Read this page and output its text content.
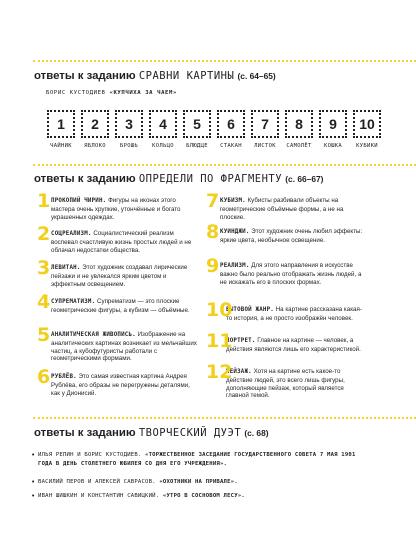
ответы к заданию СРАВНИ КАРТИНЫ (с. 64–65)
БОРИС КУСТОДИЕВ «КУПЧИХА ЗА ЧАЕМ»
1
ЧАЙНИК
2
ЯБЛОКО
3
БРОШЬ
4
КОЛЬЦО
5
БЛЮДЦЕ
6
СТАКАН
7
ЛИСТОК
8
САМОЛЁТ
9
КОШКА
10
КУБИКИ
ответы к заданию ОПРЕДЕЛИ ПО ФРАГМЕНТУ (с. 66–67)
1 ПРОКОПИЙ ЧИРИН. Фигуры на иконах этого мастера очень хрупкие, утончённые и богато украшенных одеждах.
2 СОЦРЕАЛИЗМ. Социалистический реализм воспевал счастливую жизнь простых людей и не облачал недостатки общества.
3 ЛЕВИТАН. Этот художник создавал лирические пейзажи и не увлекался ярким цветом и эффектным освещением.
4 СУПРЕМАТИЗМ. Супрематизм — это плоские геометрические фигуры, а кубизм — объёмные.
5 АНАЛИТИЧЕСКАЯ ЖИВОПИСЬ. Изображение на аналитических картинах возникает из мельчайших частиц, а кубофутуристы работали с геометрическими формами.
6 РУБЛЁВ. Это самая известная картина Андрея Рублёва, его образы не перегружены деталями, как у Дионисий.
7 КУБИЗМ. Кубисты разбивали объекты на геометрические объёмные формы, а не на плоские.
8 КУИНДЖИ. Этот художник очень любил эффекты: яркие цвета, необычное освещение.
9 РЕАЛИЗМ. Для этого направления в искусстве важно было реально отображать жизнь людей, а не искажать его в плоских формах.
10
БЫТОВОЙ ЖАНР. На картине рассказана какая-то история, а не просто изображён человек.
11
ПОРТРЕТ. Главное на картине — человек, а действия являются лишь его характеристикой.
12
ПЕЙЗАЖ. Хотя на картине есть какое-то действие людей, это всего лишь фигуры, дополняющие пейзаж, который является главной темой.
ответы к заданию ТВОРЧЕСКИЙ ДУЭТ (с. 68)
• ИЛЬЯ РЕПИН И БОРИС КУСТОДИЕВ. «ТОРЖЕСТВЕННОЕ ЗАСЕДАНИЕ ГОСУДАРСТВЕННОГО СОВЕТА 7 МАЯ 1901 ГОДА В ДЕНЬ СТОЛЕТНЕГО ЮБИЛЕЯ СО ДНЯ ЕГО УЧРЕЖДЕНИЯ».
• ВАСИЛИЙ ПЕРОВ И АЛЕКСЕЙ САВРАСОВ. «ОХОТНИКИ НА ПРИВАЛЕ».
• ИВАН ШИШКИН И КОНСТАНТИН САВИЦКИЙ. «УТРО В СОСНОВОМ ЛЕСУ».
